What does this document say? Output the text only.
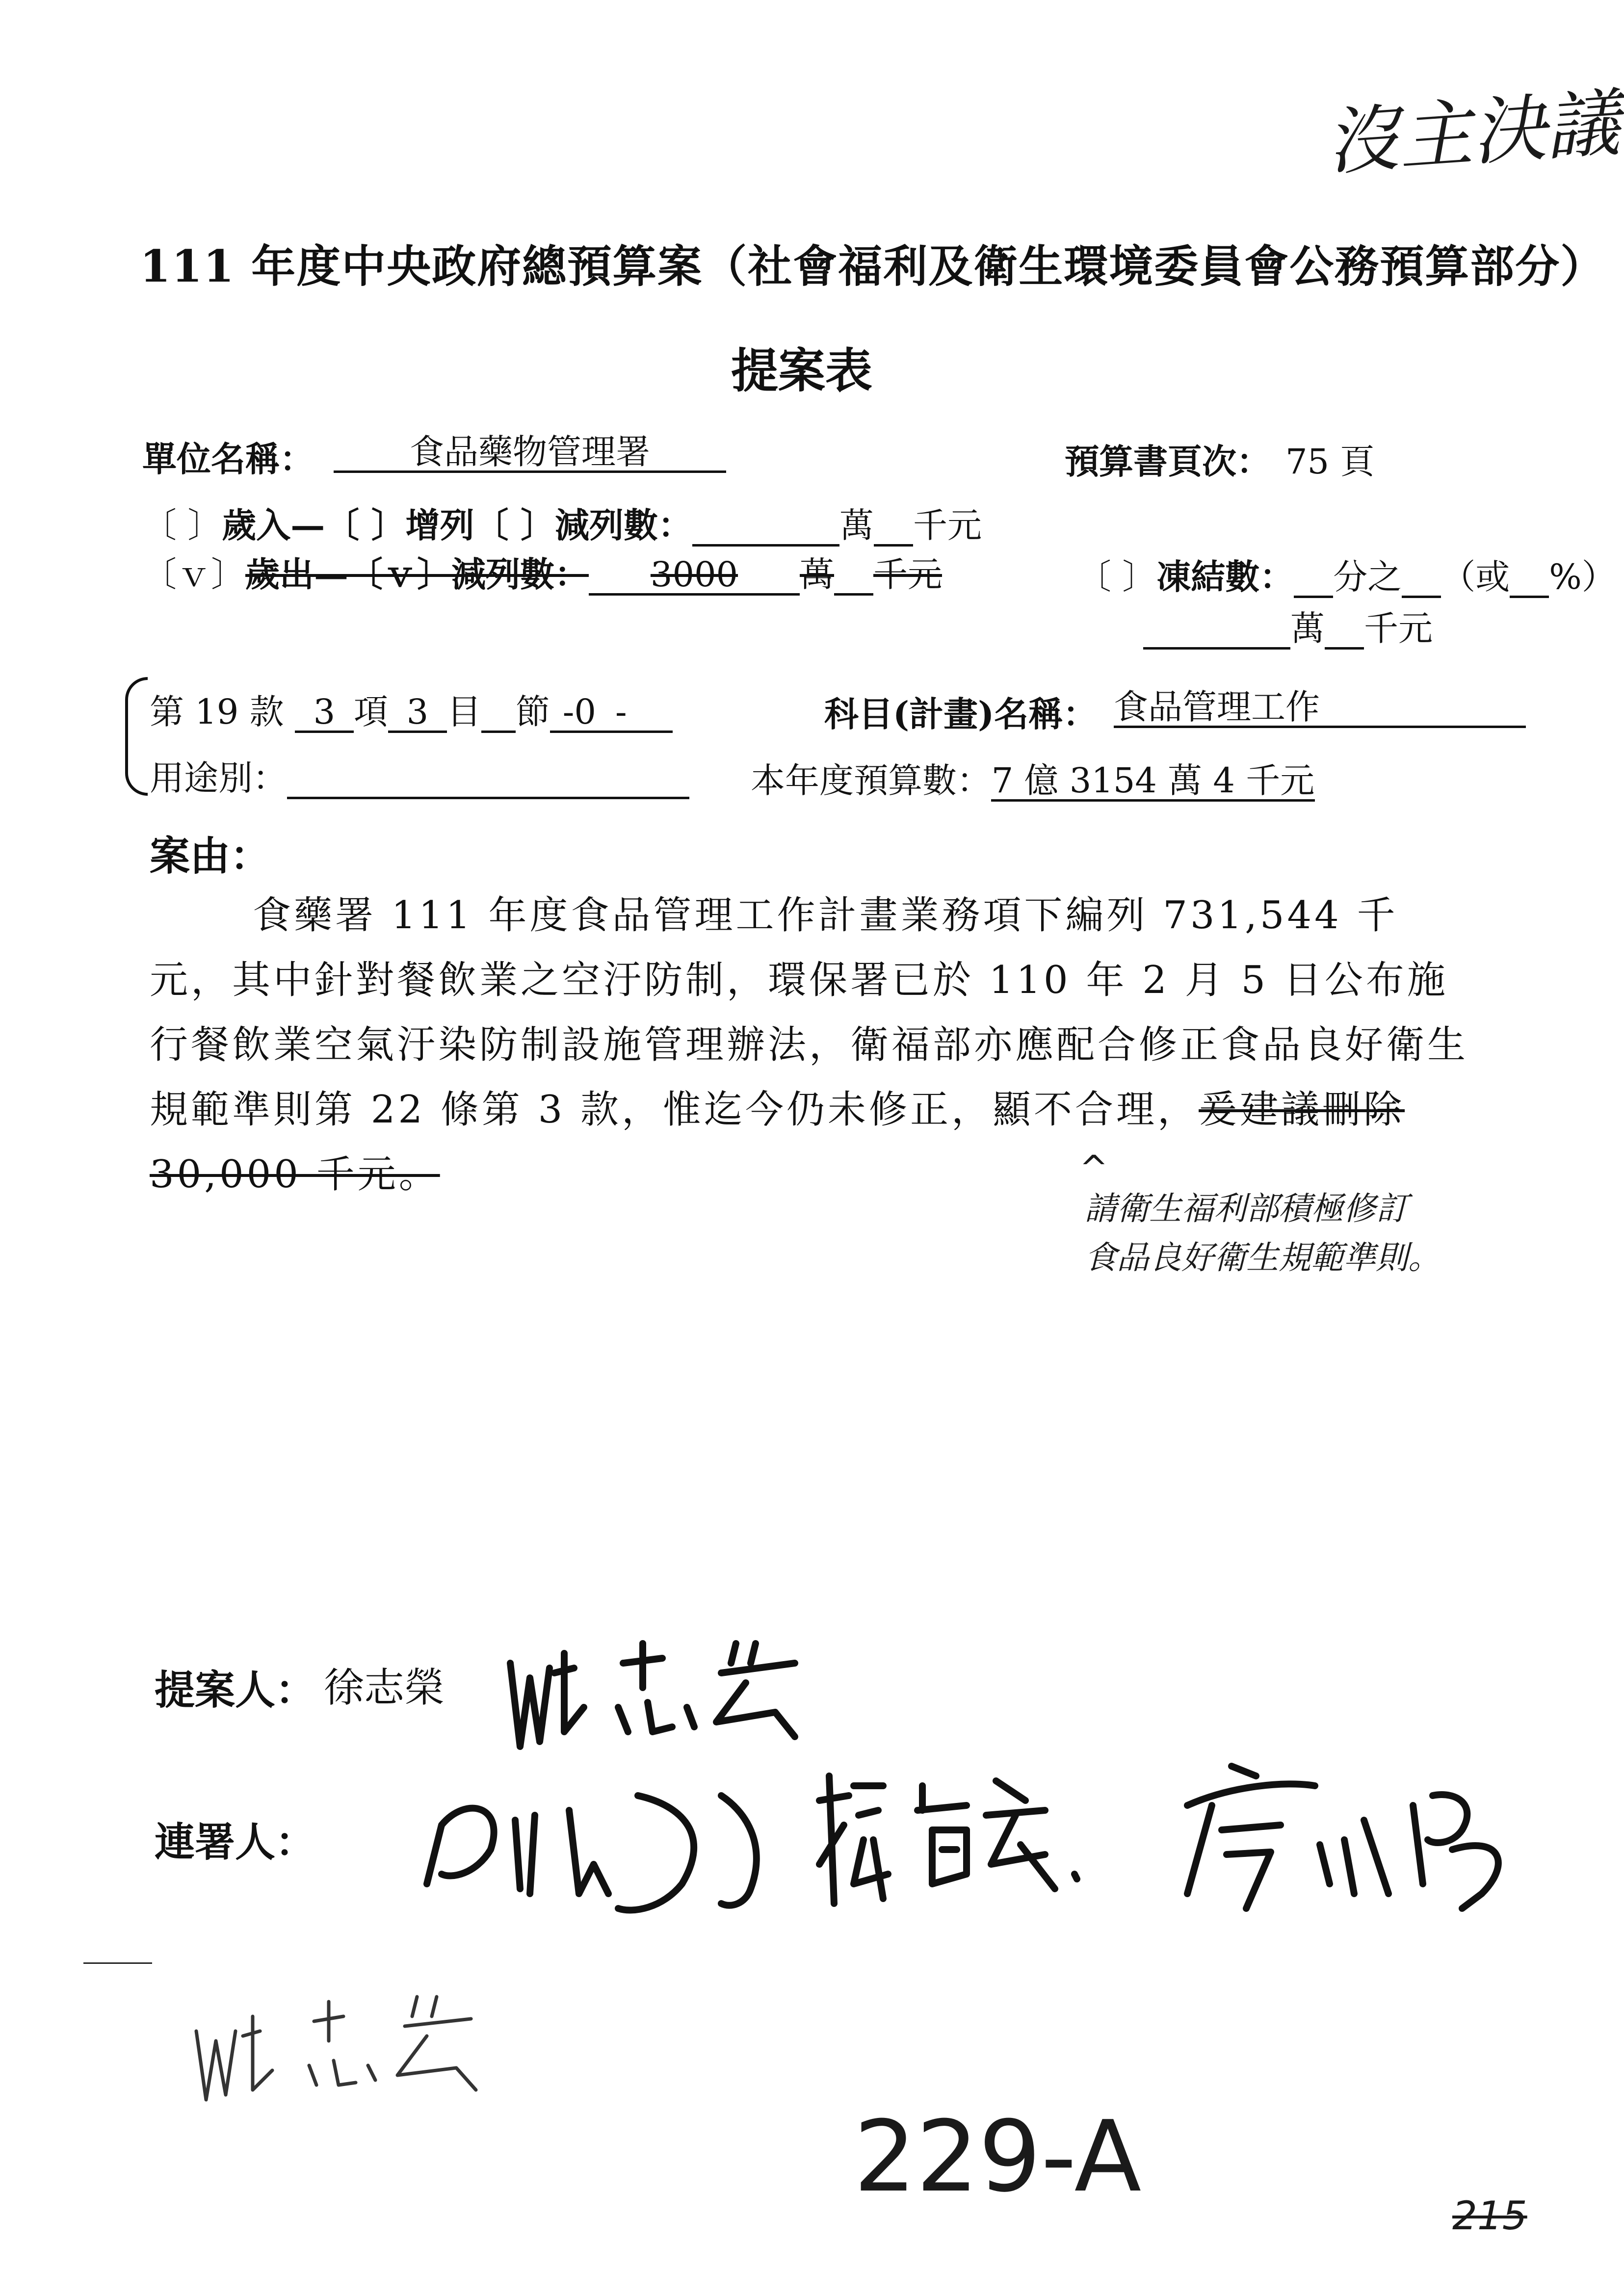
沒主決議
111 年度中央政府總預算案（社會福利及衛生環境委員會公務預算部分）
提案表
單位名稱：	食品藥物管理署	預算書頁次： 75 頁
〔 〕歲入—〔 〕增列〔 〕減列數：	萬 千元
〔ｖ〕歲出—〔ｖ〕減列數： 3000 萬 千元	〔 〕凍結數： 分之 （或 %）
萬 千元
第 19 款 3 項 3 目 節 -0 -	科目(計畫)名稱： 食品管理工作
用途別：	本年度預算數：7 億 3154 萬 4 千元
案由：
食藥署 111 年度食品管理工作計畫業務項下編列 731,544 千元，其中針對餐飲業之空汙防制，環保署已於 110 年 2 月 5 日公布施行餐飲業空氣汙染防制設施管理辦法，衛福部亦應配合修正食品良好衛生規範準則第 22 條第 3 款，惟迄今仍未修正，顯不合理，爰建議刪除 30,000 千元。	^
請衛生福利部積極修訂
食品良好衛生規範準則。
提案人： 徐志榮
連署人：
229-A
215
